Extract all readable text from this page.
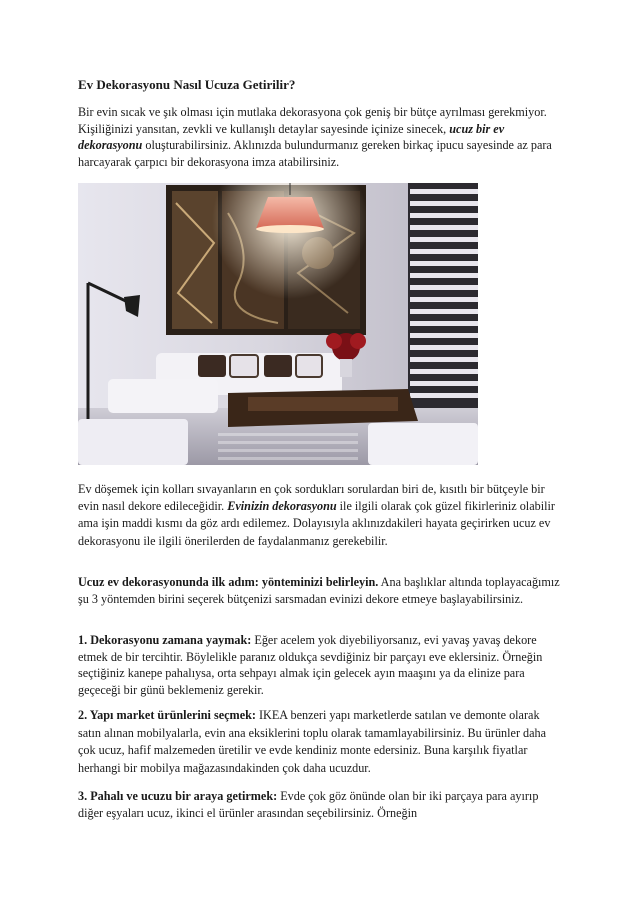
Ev Dekorasyonu Nasıl Ucuza Getirilir?

Bir evin sıcak ve şık olması için mutlaka dekorasyona çok geniş bir bütçe ayrılması gerekmiyor. Kişiliğinizi yansıtan, zevkli ve kullanışlı detaylar sayesinde içinize sinecek, ucuz bir ev dekorasyonu oluşturabilirsiniz. Aklınızda bulundurmanız gereken birkaç ipucu sayesinde az para harcayarak çarpıcı bir dekorasyona imza atabilirsiniz.

Ev döşemek için kolları sıvayanların en çok sordukları sorulardan biri de, kısıtlı bir bütçeyle bir evin nasıl dekore edileceğidir. Evinizin dekorasyonu ile ilgili olarak çok güzel fikirleriniz olabilir ama işin maddi kısmı da göz ardı edilemez. Dolayısıyla aklınızdakileri hayata geçirirken ucuz ev dekorasyonu ile ilgili önerilerden de faydalanmanız gerekebilir.

Ucuz ev dekorasyonunda ilk adım: yönteminizi belirleyin. Ana başlıklar altında toplayacağımız şu 3 yöntemden birini seçerek bütçenizi sarsmadan evinizi dekore etmeye başlayabilirsiniz.

1. Dekorasyonu zamana yaymak: Eğer acelem yok diyebiliyorsanız, evi yavaş yavaş dekore etmek de bir tercihtir. Böylelikle paranız oldukça sevdiğiniz bir parçayı eve eklersiniz. Örneğin seçtiğiniz kanepe pahalıysa, orta sehpayı almak için gelecek ayın maaşını ya da elinize para geçeceği bir günü beklemeniz gerekir.

2. Yapı market ürünlerini seçmek: IKEA benzeri yapı marketlerde satılan ve demonte olarak satın alınan mobilyalarla, evin ana eksiklerini toplu olarak tamamlayabilirsiniz. Bu ürünler daha çok ucuz, hafif malzemeden üretilir ve evde kendiniz monte edersiniz. Buna karşılık fiyatlar herhangi bir mobilya mağazasındakinden çok daha ucuzdur.

3. Pahalı ve ucuzu bir araya getirmek: Evde çok göz önünde olan bir iki parçaya para ayırıp diğer eşyaları ucuz, ikinci el ürünler arasından seçebilirsiniz. Örneğin
